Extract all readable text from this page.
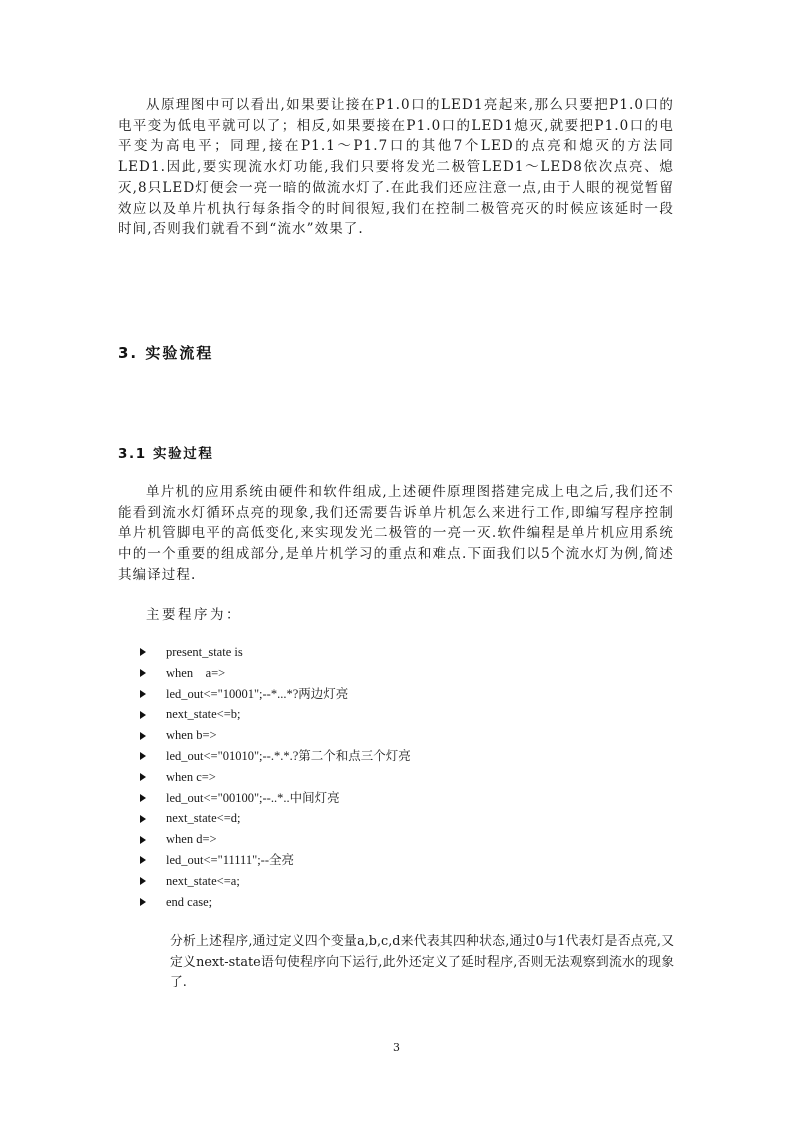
从原理图中可以看出,如果要让接在P1.0口的LED1亮起来,那么只要把P1.0口的电平变为低电平就可以了；相反,如果要接在P1.0口的LED1熄灭,就要把P1.0口的电平变为高电平；同理,接在P1.1～P1.7口的其他7个LED的点亮和熄灭的方法同LED1.因此,要实现流水灯功能,我们只要将发光二极管LED1～LED8依次点亮、熄灭,8只LED灯便会一亮一暗的做流水灯了.在此我们还应注意一点,由于人眼的视觉暂留效应以及单片机执行每条指令的时间很短,我们在控制二极管亮灭的时候应该延时一段时间,否则我们就看不到“流水”效果了.

3. 实验流程
3.1 实验过程

单片机的应用系统由硬件和软件组成,上述硬件原理图搭建完成上电之后,我们还不能看到流水灯循环点亮的现象,我们还需要告诉单片机怎么来进行工作,即编写程序控制单片机管脚电平的高低变化,来实现发光二极管的一亮一灭.软件编程是单片机应用系统中的一个重要的组成部分,是单片机学习的重点和难点.下面我们以5个流水灯为例,简述其编译过程.

主要程序为：

present_state is
when    a=>
led_out<="10001";--*...*?两边灯亮
next_state<=b;
when b=>
led_out<="01010";--.*.*.?第二个和点三个灯亮
when c=>
led_out<="00100";--..*..中间灯亮
next_state<=d;
when d=>
led_out<="11111";--全亮
next_state<=a;
end case;

分析上述程序,通过定义四个变量a,b,c,d来代表其四种状态,通过0与1代表灯是否点亮,又定义next-state语句使程序向下运行,此外还定义了延时程序,否则无法观察到流水的现象了.

3
